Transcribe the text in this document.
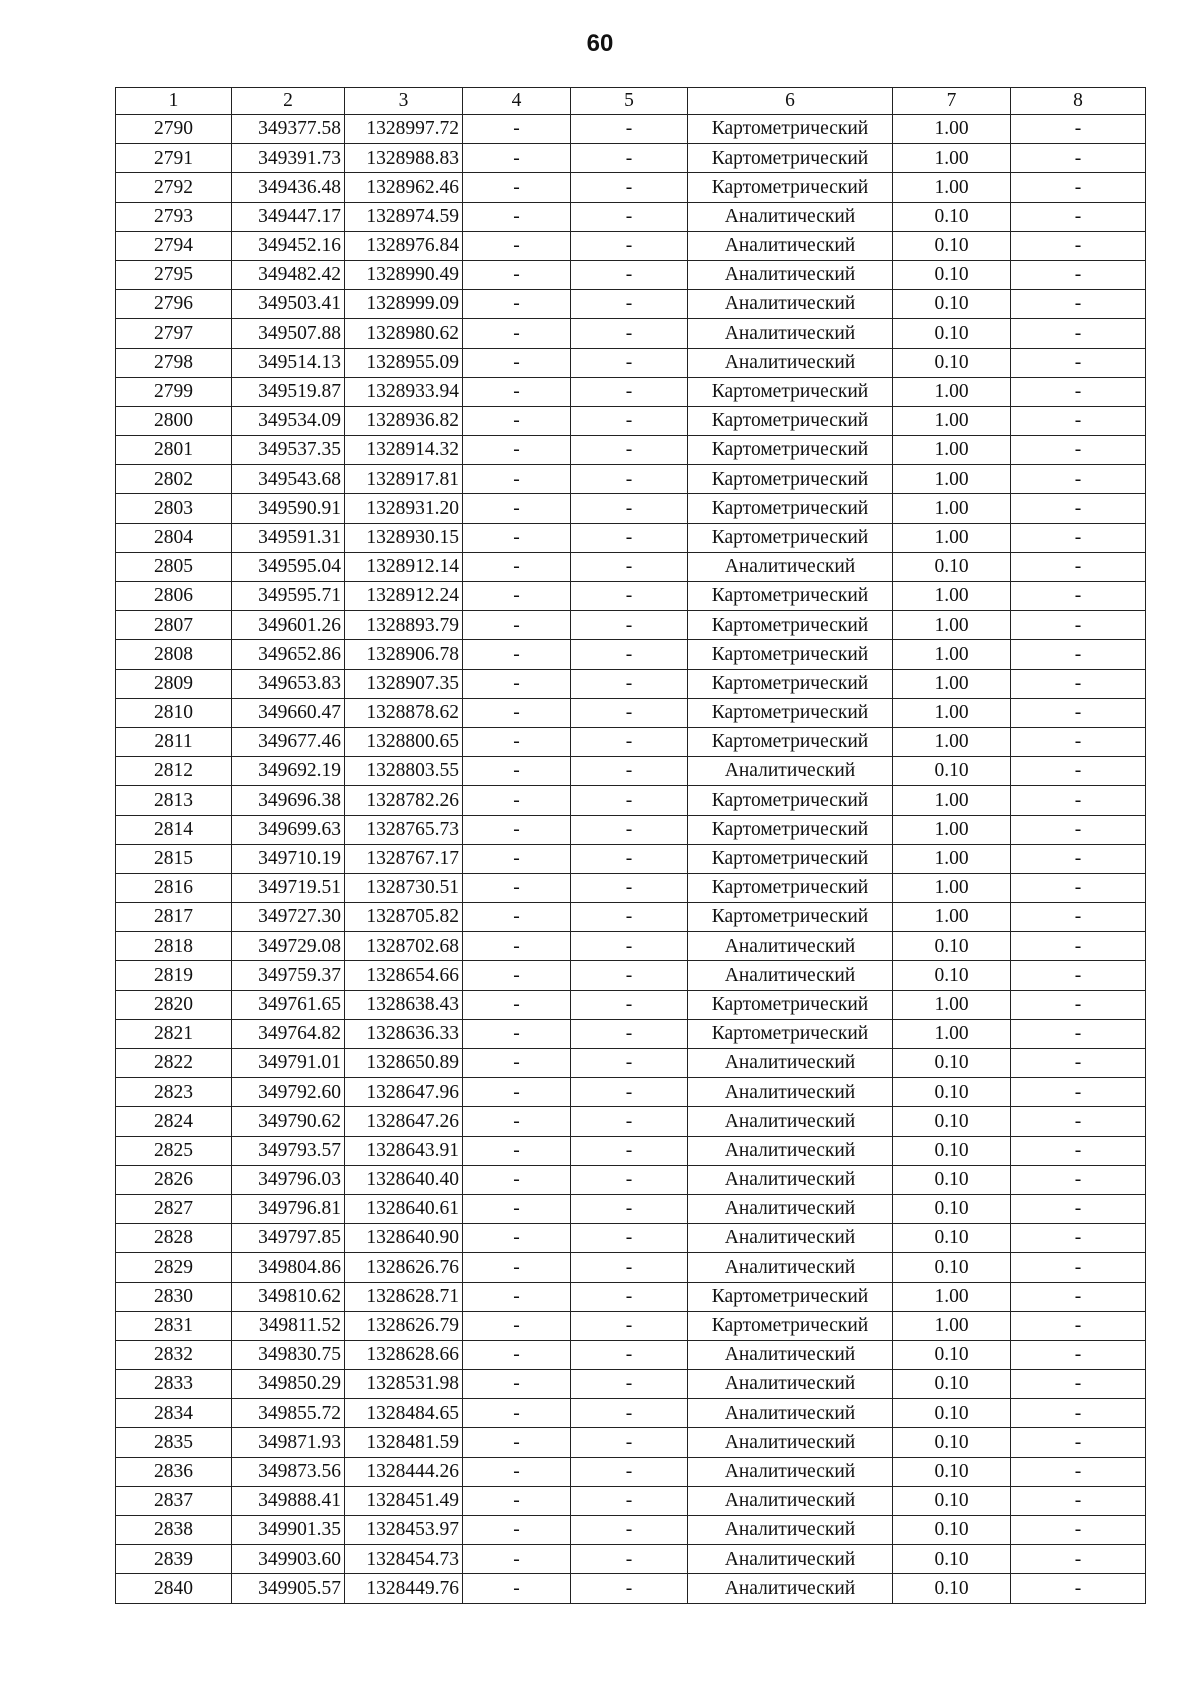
60
1	2	3	4	5	6	7	8
2790	349377.58	1328997.72	-	-	Картометрический	1.00	-
2791	349391.73	1328988.83	-	-	Картометрический	1.00	-
2792	349436.48	1328962.46	-	-	Картометрический	1.00	-
2793	349447.17	1328974.59	-	-	Аналитический	0.10	-
2794	349452.16	1328976.84	-	-	Аналитический	0.10	-
2795	349482.42	1328990.49	-	-	Аналитический	0.10	-
2796	349503.41	1328999.09	-	-	Аналитический	0.10	-
2797	349507.88	1328980.62	-	-	Аналитический	0.10	-
2798	349514.13	1328955.09	-	-	Аналитический	0.10	-
2799	349519.87	1328933.94	-	-	Картометрический	1.00	-
2800	349534.09	1328936.82	-	-	Картометрический	1.00	-
2801	349537.35	1328914.32	-	-	Картометрический	1.00	-
2802	349543.68	1328917.81	-	-	Картометрический	1.00	-
2803	349590.91	1328931.20	-	-	Картометрический	1.00	-
2804	349591.31	1328930.15	-	-	Картометрический	1.00	-
2805	349595.04	1328912.14	-	-	Аналитический	0.10	-
2806	349595.71	1328912.24	-	-	Картометрический	1.00	-
2807	349601.26	1328893.79	-	-	Картометрический	1.00	-
2808	349652.86	1328906.78	-	-	Картометрический	1.00	-
2809	349653.83	1328907.35	-	-	Картометрический	1.00	-
2810	349660.47	1328878.62	-	-	Картометрический	1.00	-
2811	349677.46	1328800.65	-	-	Картометрический	1.00	-
2812	349692.19	1328803.55	-	-	Аналитический	0.10	-
2813	349696.38	1328782.26	-	-	Картометрический	1.00	-
2814	349699.63	1328765.73	-	-	Картометрический	1.00	-
2815	349710.19	1328767.17	-	-	Картометрический	1.00	-
2816	349719.51	1328730.51	-	-	Картометрический	1.00	-
2817	349727.30	1328705.82	-	-	Картометрический	1.00	-
2818	349729.08	1328702.68	-	-	Аналитический	0.10	-
2819	349759.37	1328654.66	-	-	Аналитический	0.10	-
2820	349761.65	1328638.43	-	-	Картометрический	1.00	-
2821	349764.82	1328636.33	-	-	Картометрический	1.00	-
2822	349791.01	1328650.89	-	-	Аналитический	0.10	-
2823	349792.60	1328647.96	-	-	Аналитический	0.10	-
2824	349790.62	1328647.26	-	-	Аналитический	0.10	-
2825	349793.57	1328643.91	-	-	Аналитический	0.10	-
2826	349796.03	1328640.40	-	-	Аналитический	0.10	-
2827	349796.81	1328640.61	-	-	Аналитический	0.10	-
2828	349797.85	1328640.90	-	-	Аналитический	0.10	-
2829	349804.86	1328626.76	-	-	Аналитический	0.10	-
2830	349810.62	1328628.71	-	-	Картометрический	1.00	-
2831	349811.52	1328626.79	-	-	Картометрический	1.00	-
2832	349830.75	1328628.66	-	-	Аналитический	0.10	-
2833	349850.29	1328531.98	-	-	Аналитический	0.10	-
2834	349855.72	1328484.65	-	-	Аналитический	0.10	-
2835	349871.93	1328481.59	-	-	Аналитический	0.10	-
2836	349873.56	1328444.26	-	-	Аналитический	0.10	-
2837	349888.41	1328451.49	-	-	Аналитический	0.10	-
2838	349901.35	1328453.97	-	-	Аналитический	0.10	-
2839	349903.60	1328454.73	-	-	Аналитический	0.10	-
2840	349905.57	1328449.76	-	-	Аналитический	0.10	-
